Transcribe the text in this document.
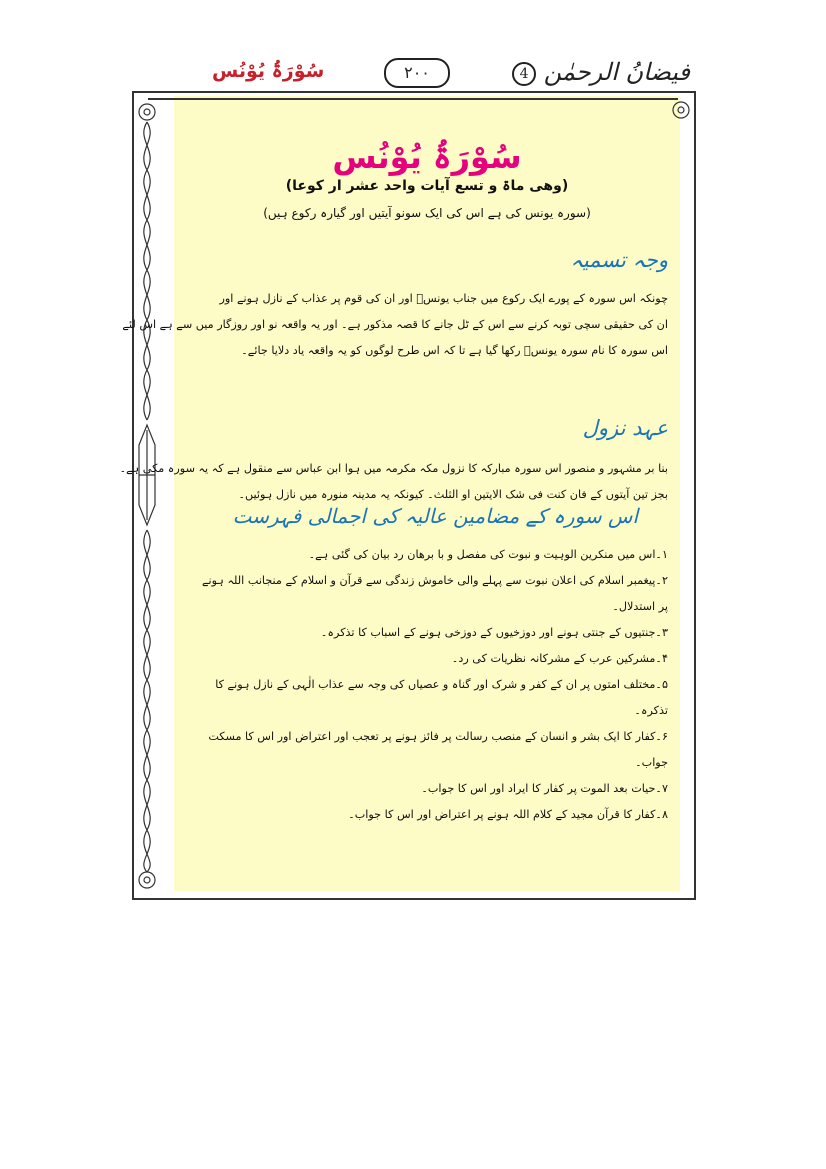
فیضانُ الرحمٰن 4
۲۰۰
سُوْرَۃُ یُوْنُس
سُوْرَۃُ یُوْنُس
(وھی ماۃ و تسع آیات واحد عشر ار کوعا)
(سورہ یونس کی ہے اس کی ایک سونو آیتیں اور گیارہ رکوع ہیں)
وجہ تسمیہ
چونکہ اس سورہ کے پورے ایک رکوع میں جناب یونسؑ اور ان کی قوم پر عذاب کے نازل ہونے اور
ان کی حقیقی سچی توبہ کرنے سے اس کے ٹل جانے کا قصہ مذکور ہے۔ اور یہ واقعہ نو اور روزگار میں سے ہے اس لئے
اس سورہ کا نام سورہ یونسؑ رکھا گیا ہے تا کہ اس طرح لوگوں کو یہ واقعہ یاد دلایا جائے۔
عہد نزول

بنا بر مشہور و منصور اس سورہ مبارکہ کا نزول مکہ مکرمہ میں ہوا ابن عباس سے منقول ہے کہ یہ سورہ مکی ہے۔
بجز تین آیتوں کے فان کنت فی شک الایتین او الثلث۔ کیونکہ یہ مدینہ منورہ میں نازل ہوئیں۔
اس سورہ کے مضامین عالیہ کی اجمالی فہرست
۱۔اس میں منکرین الوہیت و نبوت کی مفصل و با برھان رد بیان کی گئی ہے۔
۲۔پیغمبر اسلام کی اعلان نبوت سے پہلے والی خاموش زندگی سے قرآن و اسلام کے منجانب اللہ ہونے
پر استدلال۔
۳۔جنتیوں کے جنتی ہونے اور دوزخیوں کے دوزخی ہونے کے اسباب کا تذکرہ۔
۴۔مشرکین عرب کے مشرکانہ نظریات کی رد۔
۵۔مختلف امتوں پر ان کے کفر و شرک اور گناہ و عصیاں کی وجہ سے عذاب الٰہی کے نازل ہونے کا
تذکرہ۔
۶۔کفار کا ایک بشر و انسان کے منصب رسالت پر فائز ہونے پر تعجب اور اعتراض اور اس کا مسکت
جواب۔
۷۔حیات بعد الموت پر کفار کا ایراد اور اس کا جواب۔
۸۔کفار کا قرآن مجید کے کلام اللہ ہونے پر اعتراض اور اس کا جواب۔
